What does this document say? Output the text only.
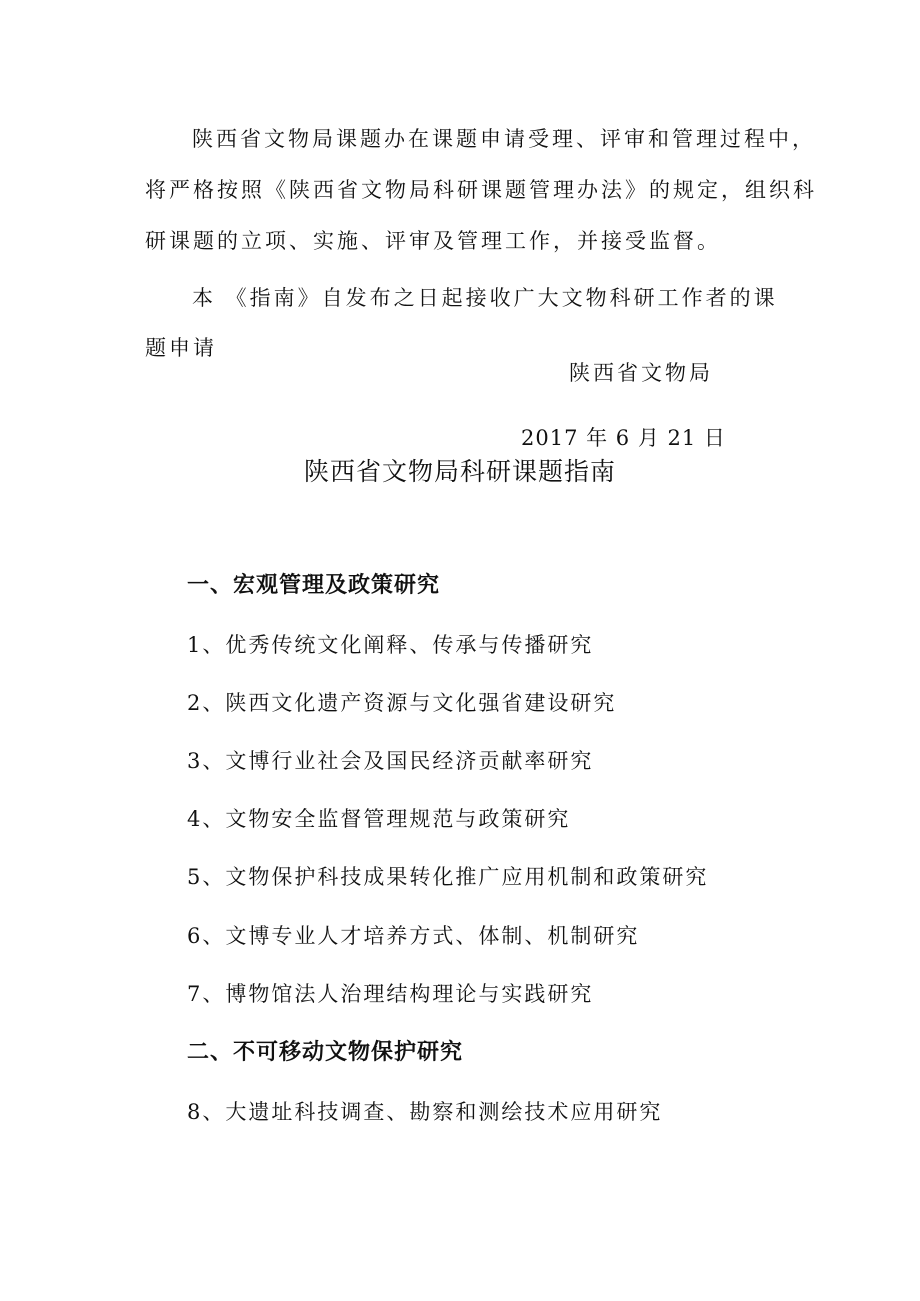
陕西省文物局课题办在课题申请受理、评审和管理过程中，
将严格按照《陕西省文物局科研课题管理办法》的规定，组织科
研课题的立项、实施、评审及管理工作，并接受监督。
本 《指南》自发布之日起接收广大文物科研工作者的课
题申请
陕西省文物局
2017 年 6 月 21 日
陕西省文物局科研课题指南
一、宏观管理及政策研究
1、优秀传统文化阐释、传承与传播研究
2、陕西文化遗产资源与文化强省建设研究
3、文博行业社会及国民经济贡献率研究
4、文物安全监督管理规范与政策研究
5、文物保护科技成果转化推广应用机制和政策研究
6、文博专业人才培养方式、体制、机制研究
7、博物馆法人治理结构理论与实践研究
二、不可移动文物保护研究
8、大遗址科技调查、勘察和测绘技术应用研究
